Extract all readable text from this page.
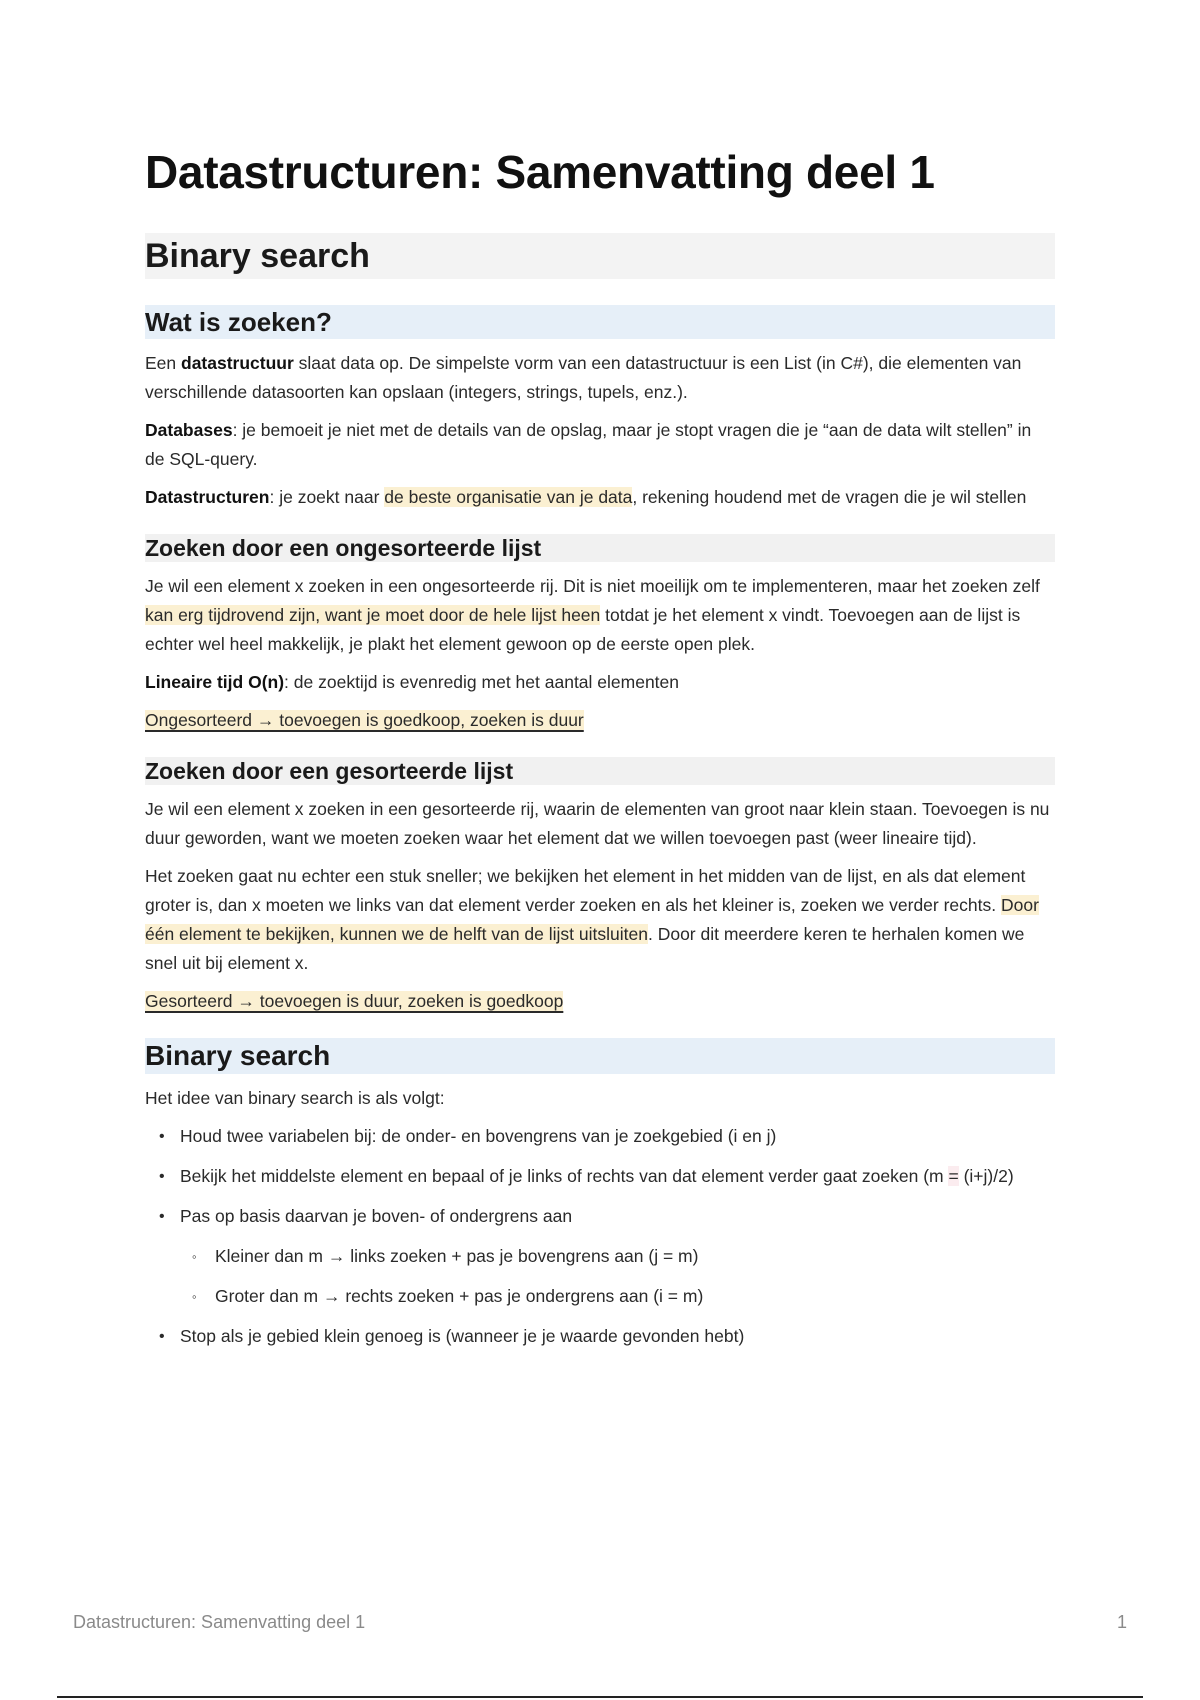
Datastructuren: Samenvatting deel 1
Binary search
Wat is zoeken?

Een datastructuur slaat data op. De simpelste vorm van een datastructuur is een List (in C#), die elementen van verschillende datasoorten kan opslaan (integers, strings, tupels, enz.).

Databases: je bemoeit je niet met de details van de opslag, maar je stopt vragen die je “aan de data wilt stellen” in de SQL-query.

Datastructuren: je zoekt naar de beste organisatie van je data, rekening houdend met de vragen die je wil stellen

Zoeken door een ongesorteerde lijst

Je wil een element x zoeken in een ongesorteerde rij. Dit is niet moeilijk om te implementeren, maar het zoeken zelf kan erg tijdrovend zijn, want je moet door de hele lijst heen totdat je het element x vindt. Toevoegen aan de lijst is echter wel heel makkelijk, je plakt het element gewoon op de eerste open plek.

Lineaire tijd O(n): de zoektijd is evenredig met het aantal elementen

Ongesorteerd → toevoegen is goedkoop, zoeken is duur

Zoeken door een gesorteerde lijst

Je wil een element x zoeken in een gesorteerde rij, waarin de elementen van groot naar klein staan. Toevoegen is nu duur geworden, want we moeten zoeken waar het element dat we willen toevoegen past (weer lineaire tijd).

Het zoeken gaat nu echter een stuk sneller; we bekijken het element in het midden van de lijst, en als dat element groter is, dan x moeten we links van dat element verder zoeken en als het kleiner is, zoeken we verder rechts. Door één element te bekijken, kunnen we de helft van de lijst uitsluiten. Door dit meerdere keren te herhalen komen we snel uit bij element x.

Gesorteerd → toevoegen is duur, zoeken is goedkoop

Binary search

Het idee van binary search is als volgt:

• Houd twee variabelen bij: de onder- en bovengrens van je zoekgebied (i en j)
• Bekijk het middelste element en bepaal of je links of rechts van dat element verder gaat zoeken (m = (i+j)/2)
• Pas op basis daarvan je boven- of ondergrens aan
◦ Kleiner dan m → links zoeken + pas je bovengrens aan (j = m)
◦ Groter dan m → rechts zoeken + pas je ondergrens aan (i = m)
• Stop als je gebied klein genoeg is (wanneer je je waarde gevonden hebt)
Datastructuren: Samenvatting deel 1	1
